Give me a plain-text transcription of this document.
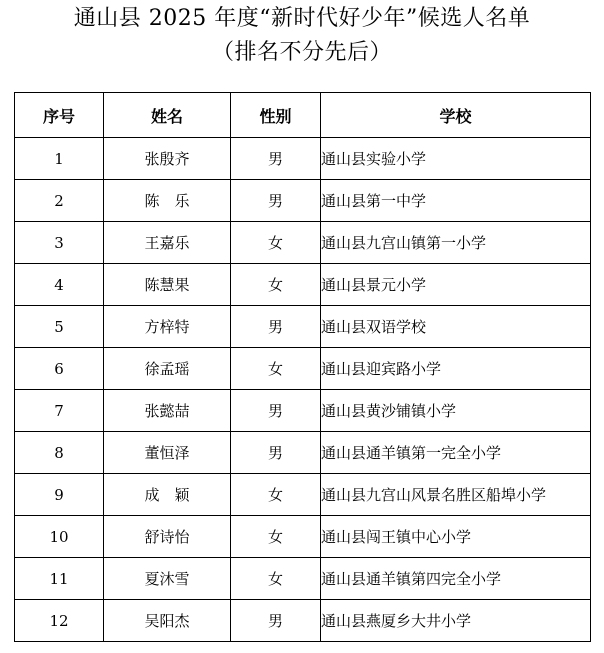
通山县 2025 年度“新时代好少年”候选人名单
（排名不分先后）
序号	姓名	性别	学校
1	张殷齐	男	通山县实验小学
2	陈　乐	男	通山县第一中学
3	王嘉乐	女	通山县九宫山镇第一小学
4	陈慧果	女	通山县景元小学
5	方梓特	男	通山县双语学校
6	徐孟瑶	女	通山县迎宾路小学
7	张懿喆	男	通山县黄沙铺镇小学
8	董恒泽	男	通山县通羊镇第一完全小学
9	成　颖	女	通山县九宫山风景名胜区船埠小学
10	舒诗怡	女	通山县闯王镇中心小学
11	夏沐雪	女	通山县通羊镇第四完全小学
12	吴阳杰	男	通山县燕厦乡大井小学
